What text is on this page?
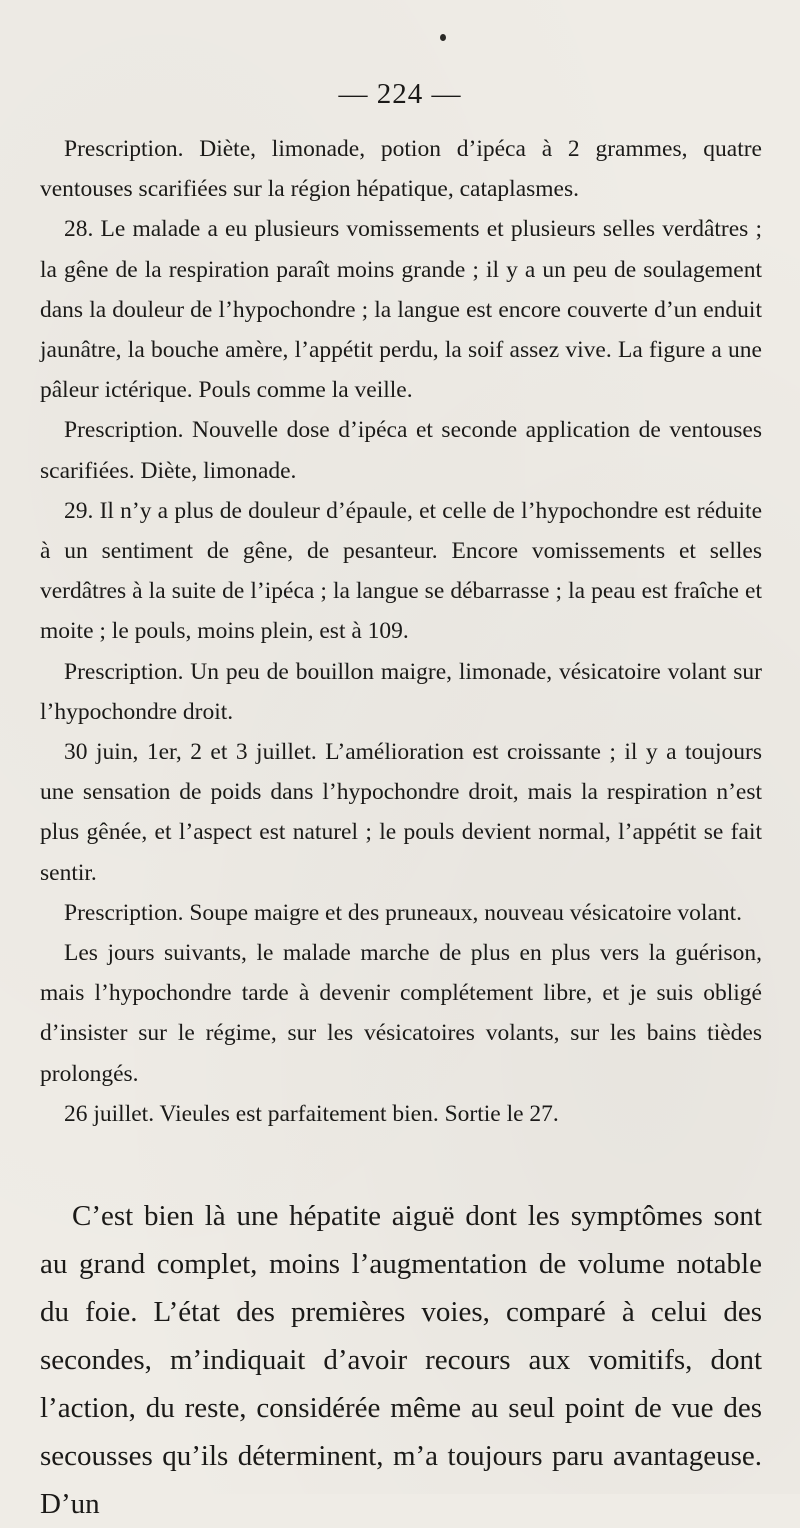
— 224 —

Prescription. Diète, limonade, potion d’ipéca à 2 grammes, quatre ventouses scarifiées sur la région hépatique, cataplasmes.

28. Le malade a eu plusieurs vomissements et plusieurs selles verdâtres ; la gêne de la respiration paraît moins grande ; il y a un peu de soulagement dans la douleur de l’hypochondre ; la langue est encore couverte d’un enduit jaunâtre, la bouche amère, l’appétit perdu, la soif assez vive. La figure a une pâleur ictérique. Pouls comme la veille.

Prescription. Nouvelle dose d’ipéca et seconde application de ventouses scarifiées. Diète, limonade.

29. Il n’y a plus de douleur d’épaule, et celle de l’hypochondre est réduite à un sentiment de gêne, de pesanteur. Encore vomissements et selles verdâtres à la suite de l’ipéca ; la langue se débarrasse ; la peau est fraîche et moite ; le pouls, moins plein, est à 109.

Prescription. Un peu de bouillon maigre, limonade, vésicatoire volant sur l’hypochondre droit.

30 juin, 1er, 2 et 3 juillet. L’amélioration est croissante ; il y a toujours une sensation de poids dans l’hypochondre droit, mais la respiration n’est plus gênée, et l’aspect est naturel ; le pouls devient normal, l’appétit se fait sentir.

Prescription. Soupe maigre et des pruneaux, nouveau vésicatoire volant.

Les jours suivants, le malade marche de plus en plus vers la guérison, mais l’hypochondre tarde à devenir complétement libre, et je suis obligé d’insister sur le régime, sur les vésicatoires volants, sur les bains tièdes prolongés.

26 juillet. Vieules est parfaitement bien. Sortie le 27.

C’est bien là une hépatite aiguë dont les symptômes sont au grand complet, moins l’augmentation de volume notable du foie. L’état des premières voies, comparé à celui des secondes, m’indiquait d’avoir recours aux vomitifs, dont l’action, du reste, considérée même au seul point de vue des secousses qu’ils déterminent, m’a toujours paru avantageuse. D’un
